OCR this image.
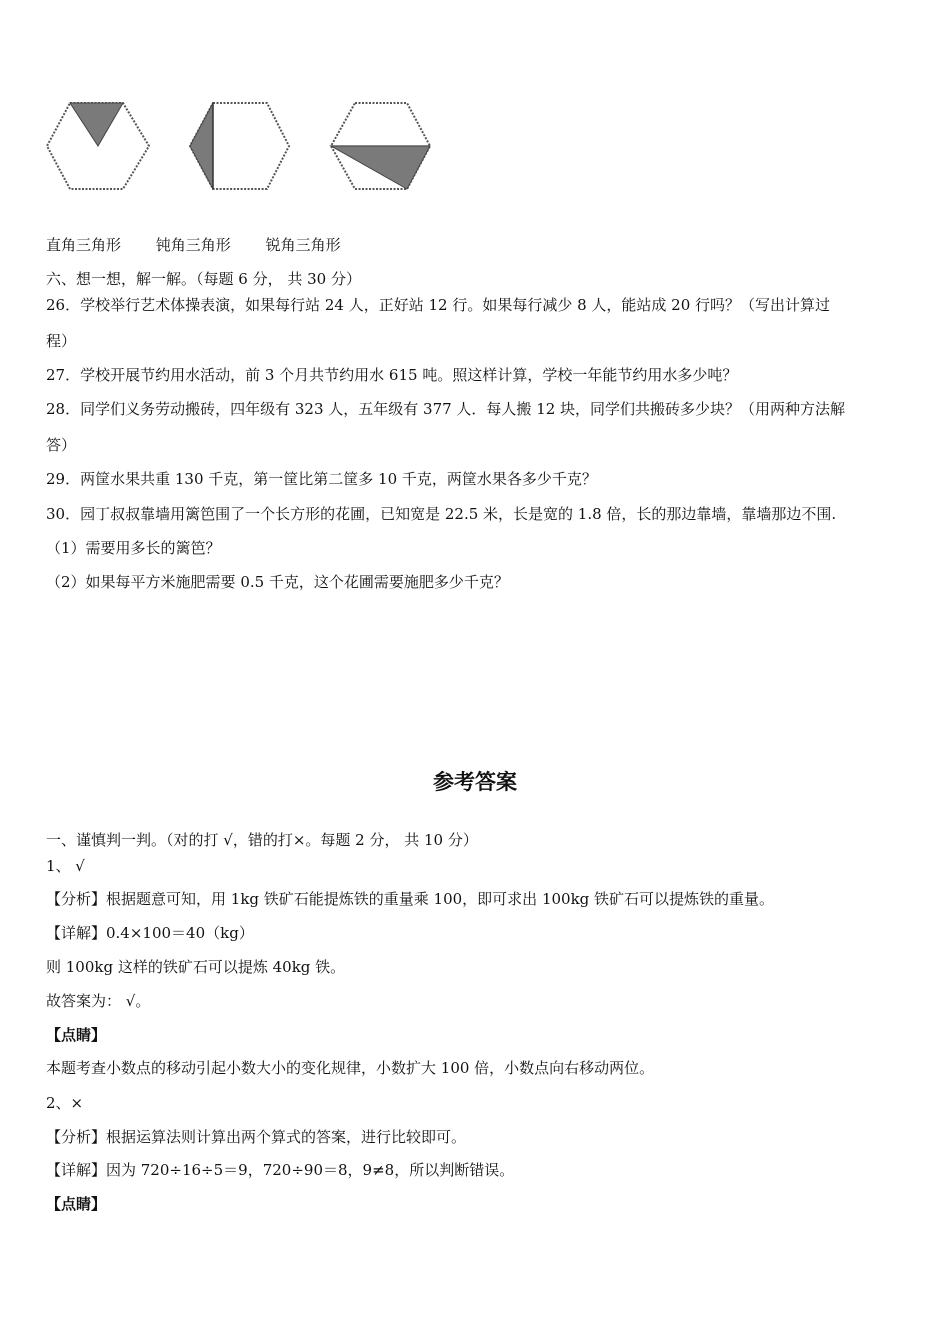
直角三角形 钝角三角形 锐角三角形
六、想一想，解一解。（每题 6 分， 共 30 分）
26．学校举行艺术体操表演，如果每行站 24 人，正好站 12 行。如果每行减少 8 人，能站成 20 行吗？（写出计算过
程）
27．学校开展节约用水活动，前 3 个月共节约用水 615 吨。照这样计算，学校一年能节约用水多少吨？
28．同学们义务劳动搬砖，四年级有 323 人，五年级有 377 人．每人搬 12 块，同学们共搬砖多少块？（用两种方法解
答）
29．两筐水果共重 130 千克，第一筐比第二筐多 10 千克，两筐水果各多少千克？
30．园丁叔叔靠墙用篱笆围了一个长方形的花圃，已知宽是 22.5 米，长是宽的 1.8 倍，长的那边靠墙，靠墙那边不围.
（1）需要用多长的篱笆？
（2）如果每平方米施肥需要 0.5 千克，这个花圃需要施肥多少千克？
参考答案
一、谨慎判一判。（对的打 √，错的打×。每题 2 分， 共 10 分）
1、 √
【分析】根据题意可知，用 1kg 铁矿石能提炼铁的重量乘 100，即可求出 100kg 铁矿石可以提炼铁的重量。
【详解】0.4×100＝40（kg）
则 100kg 这样的铁矿石可以提炼 40kg 铁。
故答案为： √。
【点睛】
本题考查小数点的移动引起小数大小的变化规律，小数扩大 100 倍，小数点向右移动两位。
2、×
【分析】根据运算法则计算出两个算式的答案，进行比较即可。
【详解】因为 720÷16÷5＝9，720÷90＝8，9≠8，所以判断错误。
【点睛】
